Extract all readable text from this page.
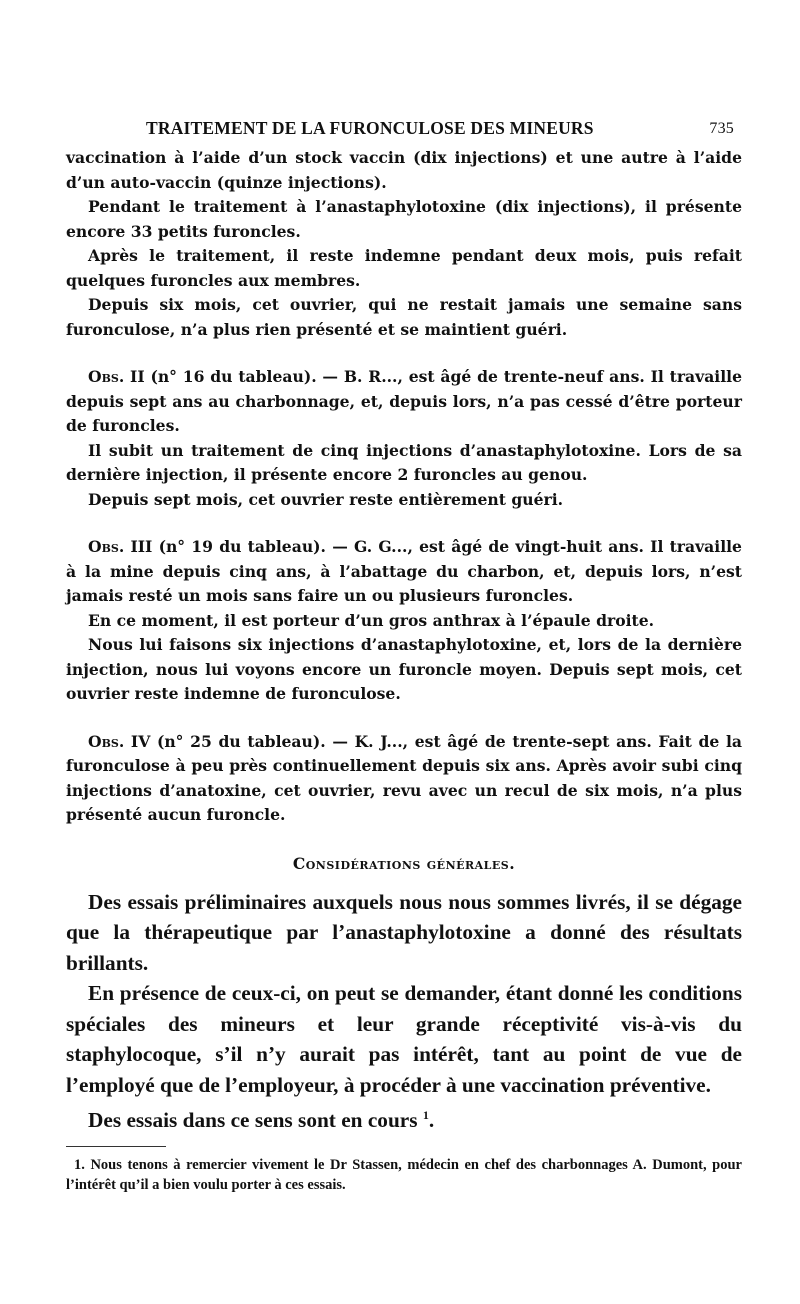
TRAITEMENT DE LA FURONCULOSE DES MINEURS	735

vaccination à l’aide d’un stock vaccin (dix injections) et une autre à l’aide d’un auto-vaccin (quinze injections).

Pendant le traitement à l’anastaphylotoxine (dix injections), il présente encore 33 petits furoncles.

Après le traitement, il reste indemne pendant deux mois, puis refait quelques furoncles aux membres.

Depuis six mois, cet ouvrier, qui ne restait jamais une semaine sans furonculose, n’a plus rien présenté et se maintient guéri.

Obs. II (n° 16 du tableau). — B. R..., est âgé de trente-neuf ans. Il travaille depuis sept ans au charbonnage, et, depuis lors, n’a pas cessé d’être porteur de furoncles.

Il subit un traitement de cinq injections d’anastaphylotoxine. Lors de sa dernière injection, il présente encore 2 furoncles au genou.

Depuis sept mois, cet ouvrier reste entièrement guéri.

Obs. III (n° 19 du tableau). — G. G..., est âgé de vingt-huit ans. Il travaille à la mine depuis cinq ans, à l’abattage du charbon, et, depuis lors, n’est jamais resté un mois sans faire un ou plusieurs furoncles.

En ce moment, il est porteur d’un gros anthrax à l’épaule droite.

Nous lui faisons six injections d’anastaphylotoxine, et, lors de la dernière injection, nous lui voyons encore un furoncle moyen. Depuis sept mois, cet ouvrier reste indemne de furonculose.

Obs. IV (n° 25 du tableau). — K. J..., est âgé de trente-sept ans. Fait de la furonculose à peu près continuellement depuis six ans. Après avoir subi cinq injections d’anatoxine, cet ouvrier, revu avec un recul de six mois, n’a plus présenté aucun furoncle.

Considérations générales.

Des essais préliminaires auxquels nous nous sommes livrés, il se dégage que la thérapeutique par l’anastaphylotoxine a donné des résultats brillants.

En présence de ceux-ci, on peut se demander, étant donné les conditions spéciales des mineurs et leur grande réceptivité vis-à-vis du staphylocoque, s’il n’y aurait pas intérêt, tant au point de vue de l’employé que de l’employeur, à procéder à une vaccination préventive.

Des essais dans ce sens sont en cours $^1$.

1. Nous tenons à remercier vivement le Dr Stassen, médecin en chef des charbonnages A. Dumont, pour l’intérêt qu’il a bien voulu porter à ces essais.
